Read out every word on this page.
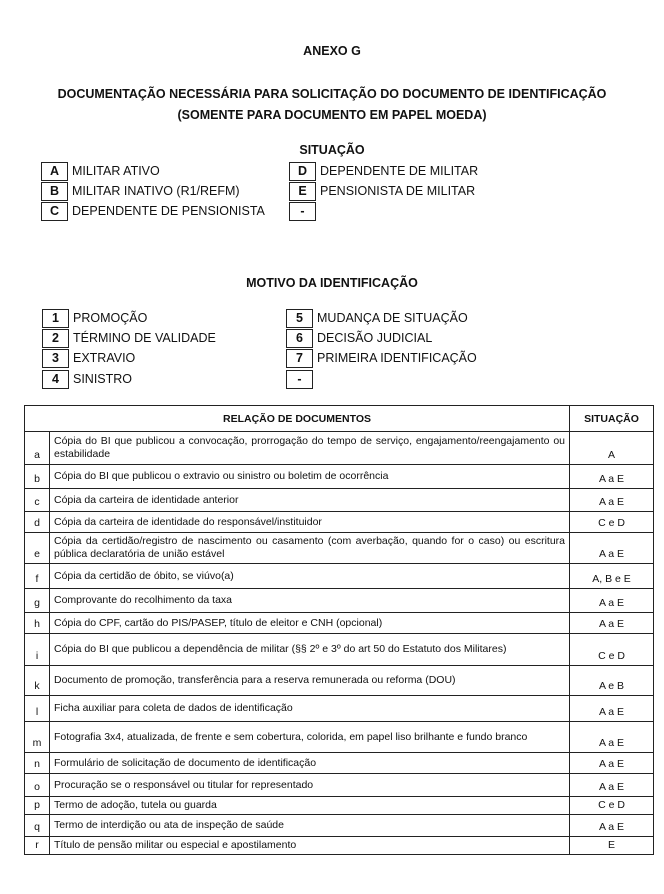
ANEXO G
DOCUMENTAÇÃO NECESSÁRIA PARA SOLICITAÇÃO DO DOCUMENTO DE IDENTIFICAÇÃO
(SOMENTE PARA DOCUMENTO EM PAPEL MOEDA)
SITUAÇÃO
A	MILITAR ATIVO
B	MILITAR INATIVO (R1/REFM)
C	DEPENDENTE DE PENSIONISTA
D	DEPENDENTE DE MILITAR
E	PENSIONISTA DE MILITAR
-
MOTIVO DA IDENTIFICAÇÃO
1	PROMOÇÃO
2	TÉRMINO DE VALIDADE
3	EXTRAVIO
4	SINISTRO
5	MUDANÇA DE SITUAÇÃO
6	DECISÃO JUDICIAL
7	PRIMEIRA IDENTIFICAÇÃO
-
RELAÇÃO DE DOCUMENTOS		SITUAÇÃO
a	Cópia do BI que publicou a convocação, prorrogação do tempo de serviço, engajamento/reengajamento ou estabilidade	A
b	Cópia do BI que publicou o extravio ou sinistro ou boletim de ocorrência	A a E
c	Cópia da carteira de identidade anterior	A a E
d	Cópia da carteira de identidade do responsável/instituidor	C e D
e	Cópia da certidão/registro de nascimento ou casamento (com averbação, quando for o caso) ou escritura pública declaratória de união estável	A a E
f	Cópia da certidão de óbito, se viúvo(a)	A, B e E
g	Comprovante do recolhimento da taxa	A a E
h	Cópia do CPF, cartão do PIS/PASEP, título de eleitor e CNH (opcional)	A a E
i	Cópia do BI que publicou a dependência de militar (§§ 2º e 3º do art 50 do Estatuto dos Militares)	C e D
k	Documento de promoção, transferência para a reserva remunerada ou reforma (DOU)	A e B
l	Ficha auxiliar para coleta de dados de identificação	A a E
m	Fotografia 3x4, atualizada, de frente e sem cobertura, colorida, em papel liso brilhante e fundo branco	A a E
n	Formulário de solicitação de documento de identificação	A a E
o	Procuração se o responsável ou titular for representado	A a E
p	Termo de adoção, tutela ou guarda	C e D
q	Termo de interdição ou ata de inspeção de saúde	A a E
r	Título de pensão militar ou especial e apostilamento	E
